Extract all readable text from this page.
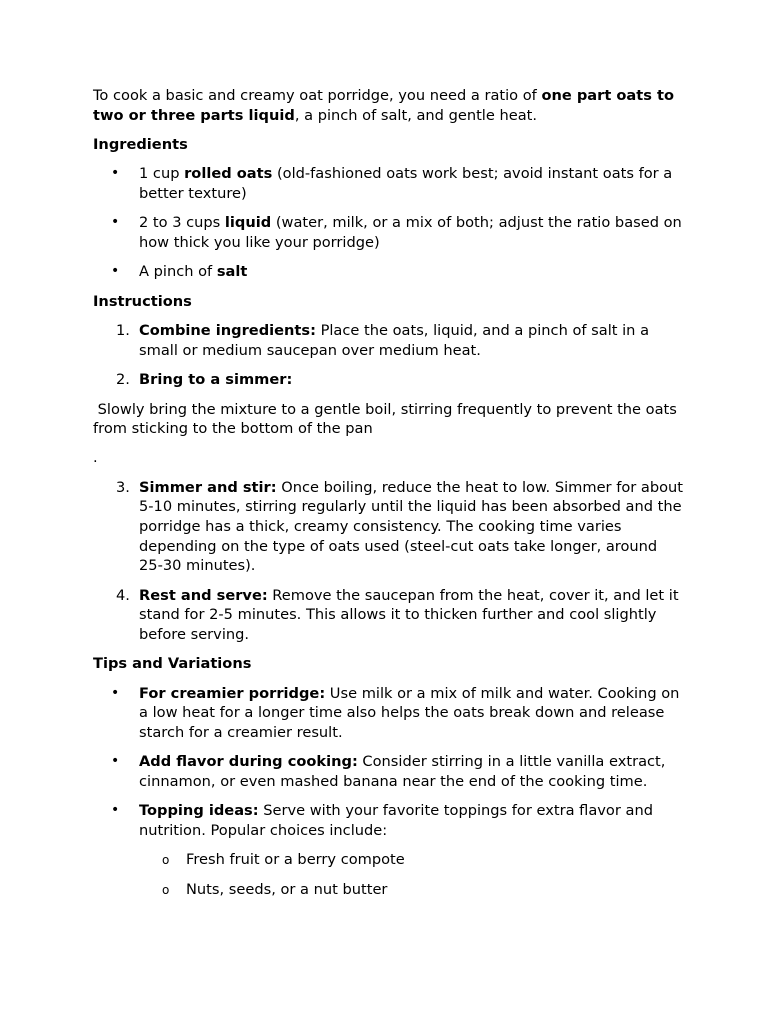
To cook a basic and creamy oat porridge, you need a ratio of one part oats to two or three parts liquid, a pinch of salt, and gentle heat.

Ingredients

• 1 cup rolled oats (old-fashioned oats work best; avoid instant oats for a better texture)
• 2 to 3 cups liquid (water, milk, or a mix of both; adjust the ratio based on how thick you like your porridge)
• A pinch of salt

Instructions

1. Combine ingredients: Place the oats, liquid, and a pinch of salt in a small or medium saucepan over medium heat.
2. Bring to a simmer:

Slowly bring the mixture to a gentle boil, stirring frequently to prevent the oats from sticking to the bottom of the pan

.

3. Simmer and stir: Once boiling, reduce the heat to low. Simmer for about 5-10 minutes, stirring regularly until the liquid has been absorbed and the porridge has a thick, creamy consistency. The cooking time varies depending on the type of oats used (steel-cut oats take longer, around 25-30 minutes).
4. Rest and serve: Remove the saucepan from the heat, cover it, and let it stand for 2-5 minutes. This allows it to thicken further and cool slightly before serving.

Tips and Variations

• For creamier porridge: Use milk or a mix of milk and water. Cooking on a low heat for a longer time also helps the oats break down and release starch for a creamier result.
• Add flavor during cooking: Consider stirring in a little vanilla extract, cinnamon, or even mashed banana near the end of the cooking time.
• Topping ideas: Serve with your favorite toppings for extra flavor and nutrition. Popular choices include:
o Fresh fruit or a berry compote
o Nuts, seeds, or a nut butter
